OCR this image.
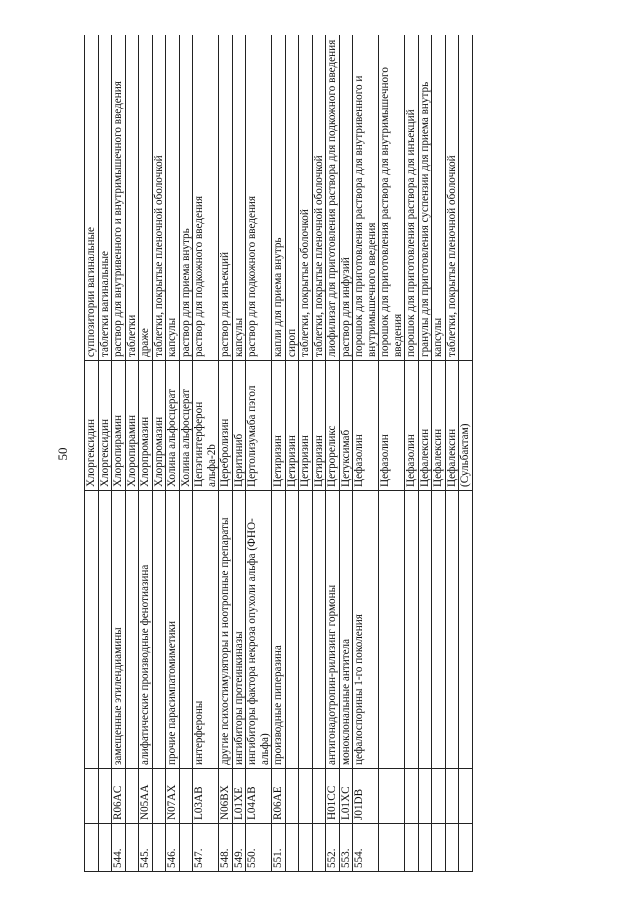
50
			Хлоргексидин	суппозитории вагинальные
			Хлоргексидин	таблетки вагинальные
544.	R06AC	замещенные этилендиамины	Хлоропирамин	раствор для внутривенного и внутримышечного введения
			Хлоропирамин	таблетки
545.	N05AA	алифатические производные фенотиазина	Хлорпромазин	драже
			Хлорпромазин	таблетки, покрытые пленочной оболочкой
546.	N07AX	прочие парасимпатомиметики	Холина альфосцерат	капсулы
			Холина альфосцерат	раствор для приема внутрь
547.	L03AB	интерфероны	Цепэгинтерферон альфа-2b	раствор для подкожного введения
548.	N06BX	другие психостимуляторы и ноотропные препараты	Церебролизин	раствор для инъекций
549.	L01XE	ингибиторы протеинкиназы	Церитиниб	капсулы
550.	L04AB	ингибиторы фактора некроза опухоли альфа (ФНО-альфа)	Цертолизумаба пэгол	раствор для подкожного введения
551.	R06AE	производные пиперазина	Цетиризин	капли для приема внутрь
			Цетиризин	сироп
			Цетиризин	таблетки, покрытые оболочкой
			Цетиризин	таблетки, покрытые пленочной оболочкой
552.	H01CC	антигонадотропин-рилизинг гормоны	Цетрореликс	лиофилизат для приготовления раствора для подкожного введения
553.	L01XC	моноклональные антитела	Цетуксимаб	раствор для инфузий
554.	J01DB	цефалоспорины 1-го поколения	Цефазолин	порошок для приготовления раствора для внутривенного и внутримышечного введения
			Цефазолин	порошок для приготовления раствора для внутримышечного введения
			Цефазолин	порошок для приготовления раствора для инъекций
			Цефалексин	гранулы для приготовления суспензии для приема внутрь
			Цефалексин	капсулы
			Цефалексин	таблетки, покрытые пленочной оболочкой
			(Сульбактам)	
